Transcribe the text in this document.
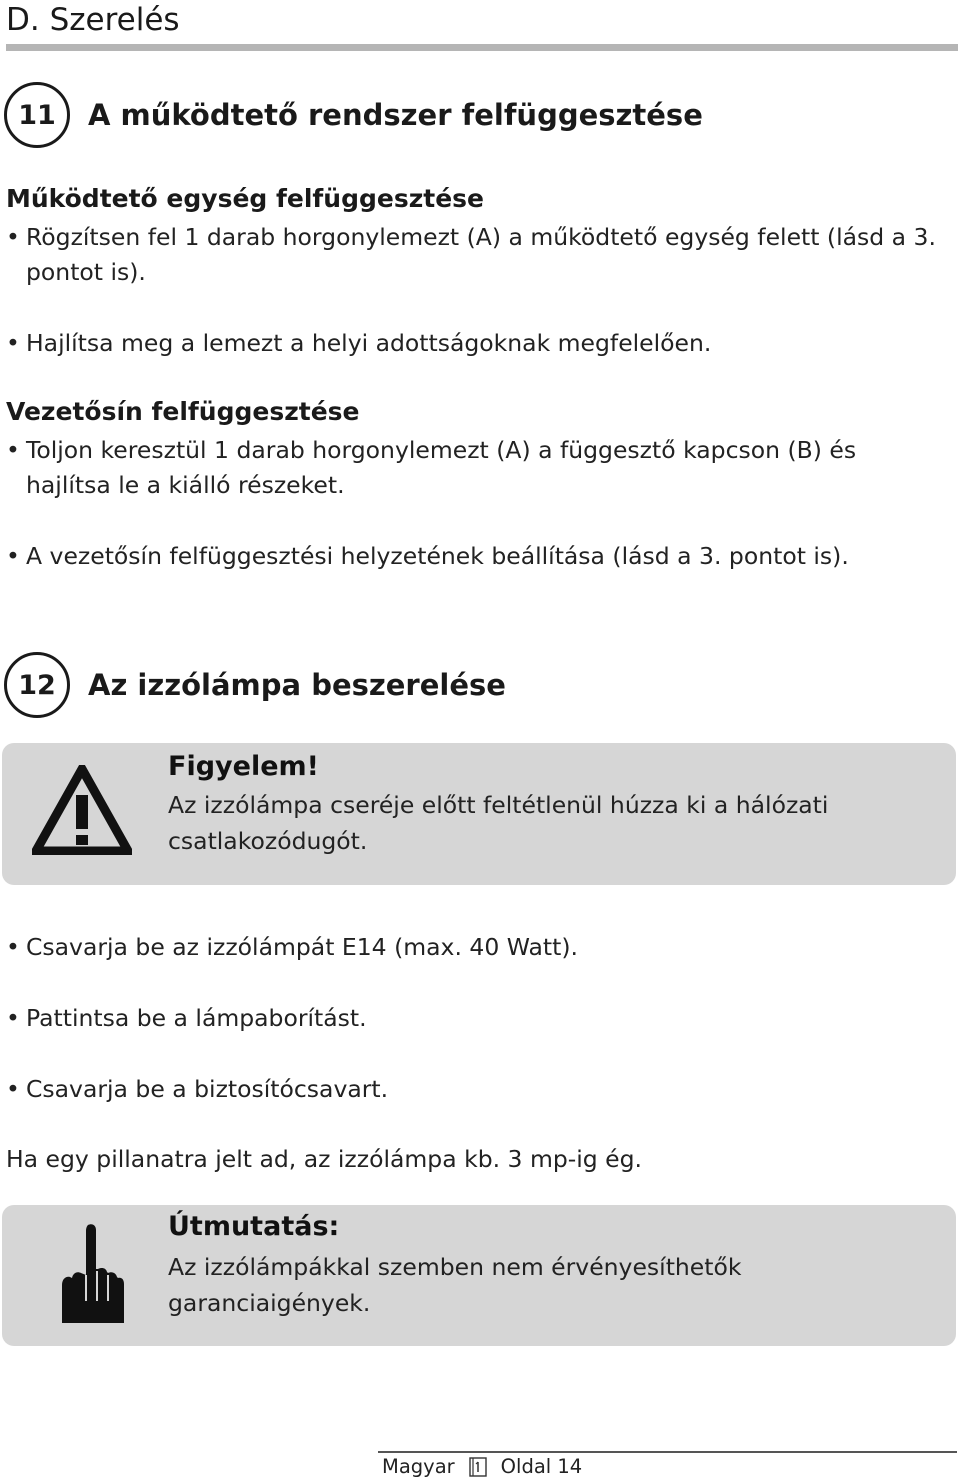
D. Szerelés
11	A működtető rendszer felfüggesztése
Működtető egység felfüggesztése
• Rögzítsen fel 1 darab horgonylemezt (A) a működtető egység felett (lásd a 3. pontot is).
• Hajlítsa meg a lemezt a helyi adottságoknak megfelelően.
Vezetősín felfüggesztése
• Toljon keresztül 1 darab horgonylemezt (A) a függesztő kapcson (B) és hajlítsa le a kiálló részeket.
• A vezetősín felfüggesztési helyzetének beállítása (lásd a 3. pontot is).
12	Az izzólámpa beszerelése
Figyelem!
Az izzólámpa cseréje előtt feltétlenül húzza ki a hálózati csatlakozódugót.
• Csavarja be az izzólámpát E14 (max. 40 Watt).
• Pattintsa be a lámpaborítást.
• Csavarja be a biztosítócsavart.
Ha egy pillanatra jelt ad, az izzólámpa kb. 3 mp-ig ég.
Útmutatás:
Az izzólámpákkal szemben nem érvényesíthetők garanciaigények.
Magyar Oldal 14
